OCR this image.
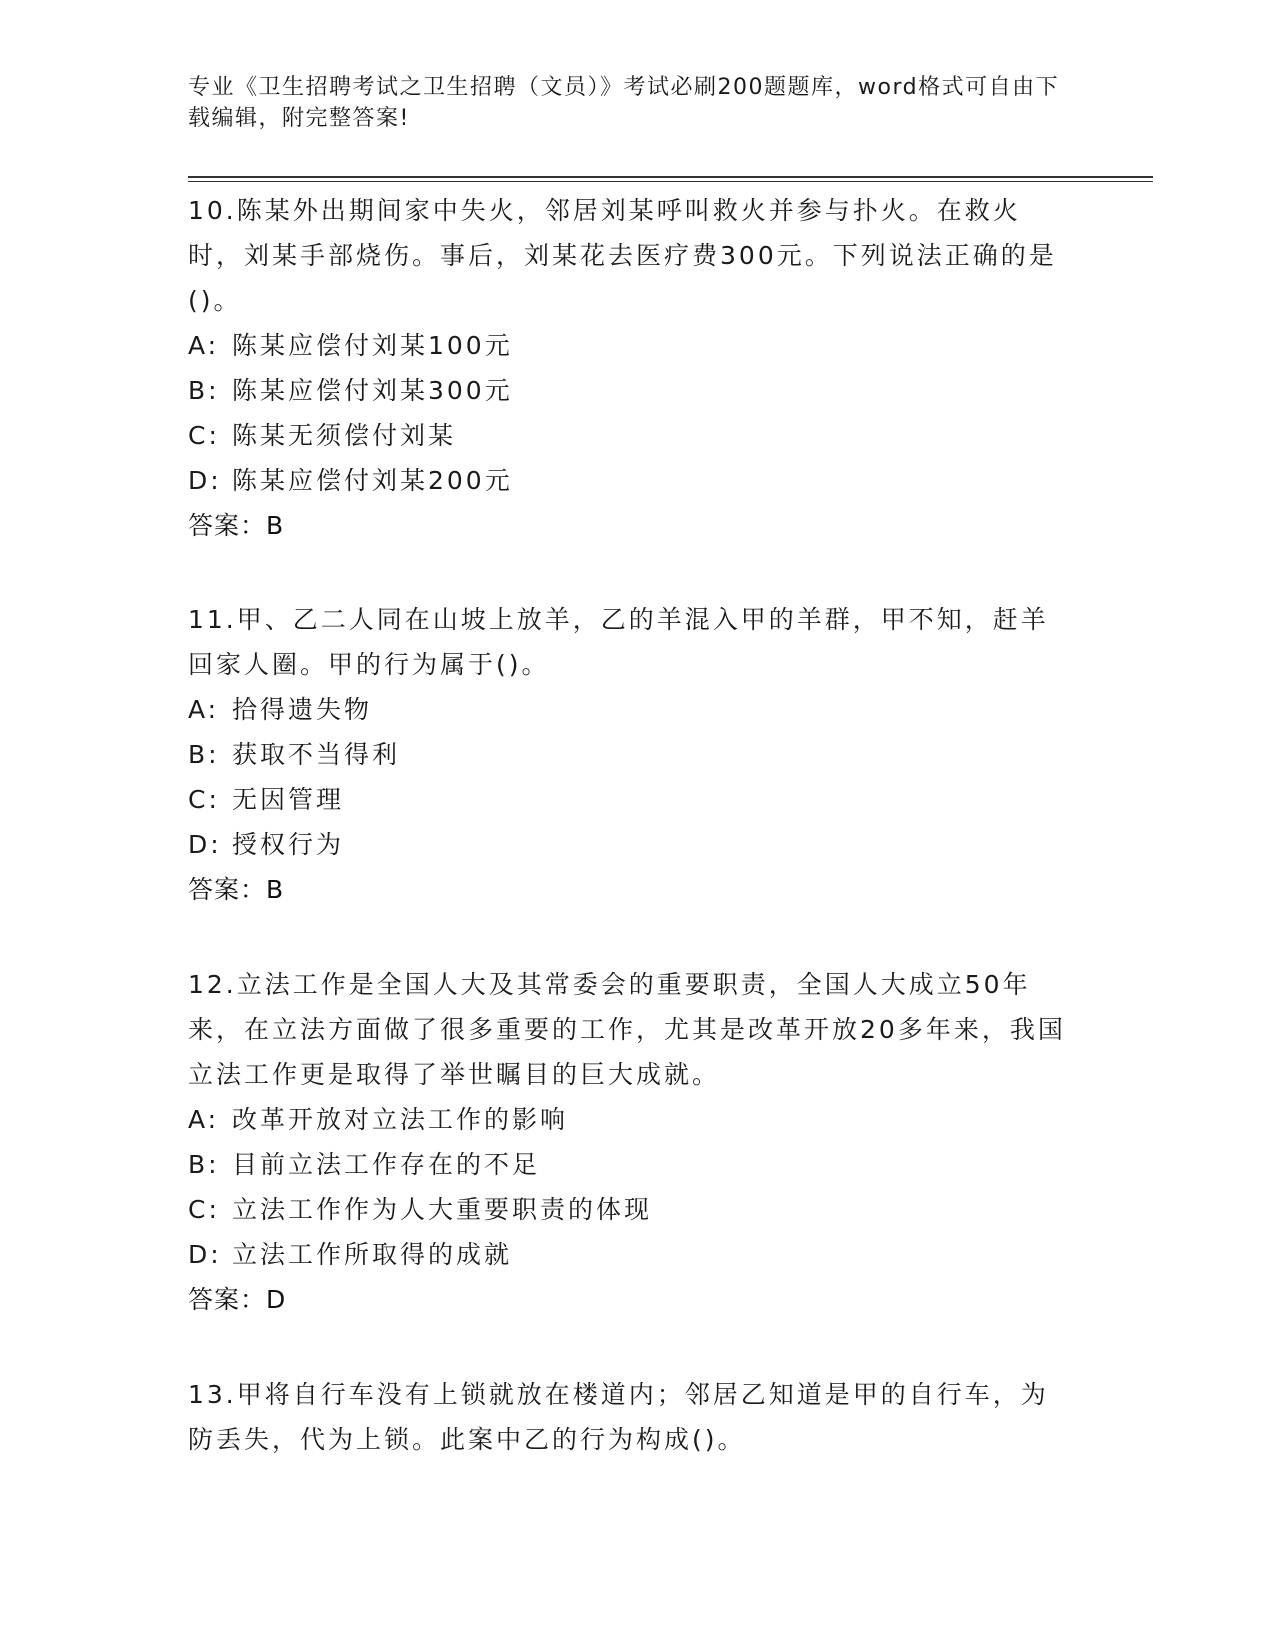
专业《卫生招聘考试之卫生招聘（文员）》考试必刷200题题库，word格式可自由下载编辑，附完整答案!

10.陈某外出期间家中失火，邻居刘某呼叫救火并参与扑火。在救火时，刘某手部烧伤。事后，刘某花去医疗费300元。下列说法正确的是()。

A: 陈某应偿付刘某100元
B: 陈某应偿付刘某300元
C: 陈某无须偿付刘某
D: 陈某应偿付刘某200元
答案：B

11.甲、乙二人同在山坡上放羊，乙的羊混入甲的羊群，甲不知，赶羊回家人圈。甲的行为属于()。

A: 拾得遗失物
B: 获取不当得利
C: 无因管理
D: 授权行为
答案：B

12.立法工作是全国人大及其常委会的重要职责，全国人大成立50年来，在立法方面做了很多重要的工作，尤其是改革开放20多年来，我国立法工作更是取得了举世瞩目的巨大成就。

A: 改革开放对立法工作的影响
B: 目前立法工作存在的不足
C: 立法工作作为人大重要职责的体现
D: 立法工作所取得的成就
答案：D

13.甲将自行车没有上锁就放在楼道内；邻居乙知道是甲的自行车，为防丢失，代为上锁。此案中乙的行为构成()。
